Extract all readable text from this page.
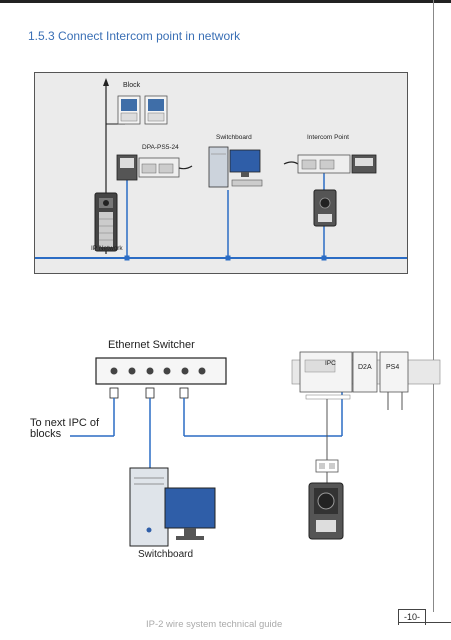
1.5.3 Connect Intercom point in network
Block
DPA-PS5-24
Switchboard	Intercom Point
IP Network
Ethernet Switcher
To next IPC of
blocks
Switchboard
IPC
D2A PS4
IP-2 wire system technical guide
-10-
